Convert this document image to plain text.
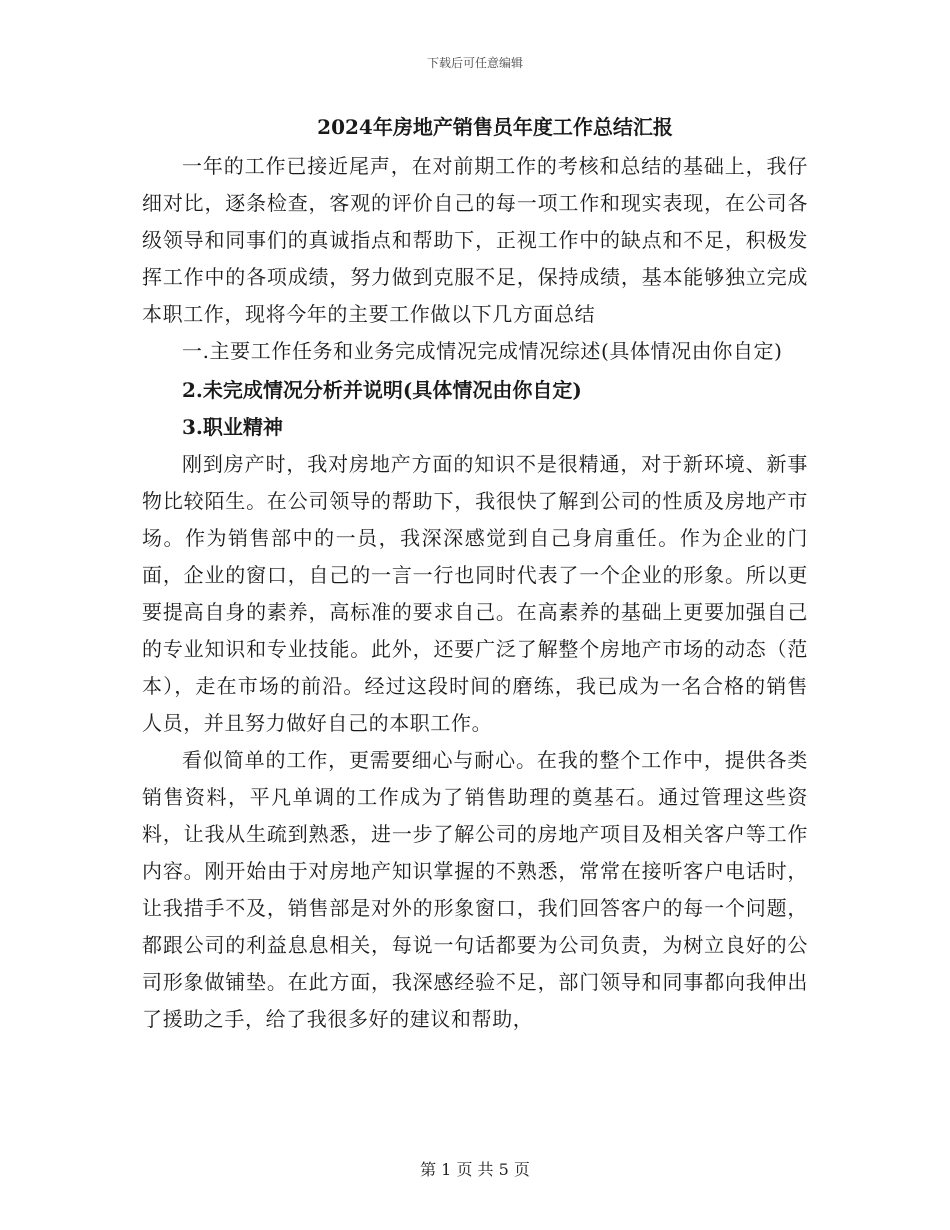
下载后可任意编辑
2024年房地产销售员年度工作总结汇报

一年的工作已接近尾声，在对前期工作的考核和总结的基础上，我仔细对比，逐条检查，客观的评价自己的每一项工作和现实表现，在公司各级领导和同事们的真诚指点和帮助下，正视工作中的缺点和不足，积极发挥工作中的各项成绩，努力做到克服不足，保持成绩，基本能够独立完成本职工作，现将今年的主要工作做以下几方面总结

一.主要工作任务和业务完成情况完成情况综述(具体情况由你自定)

2.未完成情况分析并说明(具体情况由你自定)

3.职业精神

刚到房产时，我对房地产方面的知识不是很精通，对于新环境、新事物比较陌生。在公司领导的帮助下，我很快了解到公司的性质及房地产市场。作为销售部中的一员，我深深感觉到自己身肩重任。作为企业的门面，企业的窗口，自己的一言一行也同时代表了一个企业的形象。所以更要提高自身的素养，高标准的要求自己。在高素养的基础上更要加强自己的专业知识和专业技能。此外，还要广泛了解整个房地产市场的动态（范本），走在市场的前沿。经过这段时间的磨练，我已成为一名合格的销售人员，并且努力做好自己的本职工作。

看似简单的工作，更需要细心与耐心。在我的整个工作中，提供各类销售资料，平凡单调的工作成为了销售助理的奠基石。通过管理这些资料，让我从生疏到熟悉，进一步了解公司的房地产项目及相关客户等工作内容。刚开始由于对房地产知识掌握的不熟悉，常常在接听客户电话时，让我措手不及，销售部是对外的形象窗口，我们回答客户的每一个问题，都跟公司的利益息息相关，每说一句话都要为公司负责，为树立良好的公司形象做铺垫。在此方面，我深感经验不足，部门领导和同事都向我伸出了援助之手，给了我很多好的建议和帮助，

第 1 页 共 5 页
